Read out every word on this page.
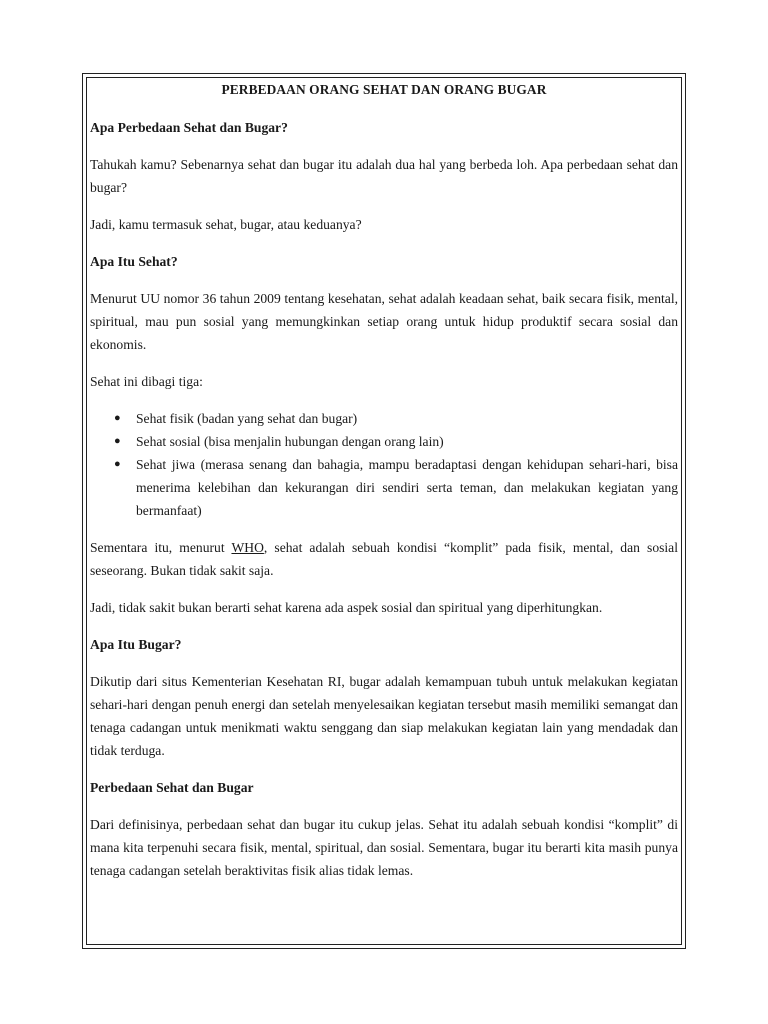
PERBEDAAN ORANG SEHAT DAN ORANG BUGAR
Apa Perbedaan Sehat dan Bugar?
Tahukah kamu? Sebenarnya sehat dan bugar itu adalah dua hal yang berbeda loh. Apa perbedaan sehat dan bugar?
Jadi, kamu termasuk sehat, bugar, atau keduanya?
Apa Itu Sehat?
Menurut UU nomor 36 tahun 2009 tentang kesehatan, sehat adalah keadaan sehat, baik secara fisik, mental, spiritual, mau pun sosial yang memungkinkan setiap orang untuk hidup produktif secara sosial dan ekonomis.
Sehat ini dibagi tiga:
● Sehat fisik (badan yang sehat dan bugar)
● Sehat sosial (bisa menjalin hubungan dengan orang lain)
● Sehat jiwa (merasa senang dan bahagia, mampu beradaptasi dengan kehidupan sehari-hari, bisa menerima kelebihan dan kekurangan diri sendiri serta teman, dan melakukan kegiatan yang bermanfaat)
Sementara itu, menurut WHO, sehat adalah sebuah kondisi “komplit” pada fisik, mental, dan sosial seseorang. Bukan tidak sakit saja.
Jadi, tidak sakit bukan berarti sehat karena ada aspek sosial dan spiritual yang diperhitungkan.
Apa Itu Bugar?
Dikutip dari situs Kementerian Kesehatan RI, bugar adalah kemampuan tubuh untuk melakukan kegiatan sehari-hari dengan penuh energi dan setelah menyelesaikan kegiatan tersebut masih memiliki semangat dan tenaga cadangan untuk menikmati waktu senggang dan siap melakukan kegiatan lain yang mendadak dan tidak terduga.
Perbedaan Sehat dan Bugar
Dari definisinya, perbedaan sehat dan bugar itu cukup jelas. Sehat itu adalah sebuah kondisi “komplit” di mana kita terpenuhi secara fisik, mental, spiritual, dan sosial. Sementara, bugar itu berarti kita masih punya tenaga cadangan setelah beraktivitas fisik alias tidak lemas.
